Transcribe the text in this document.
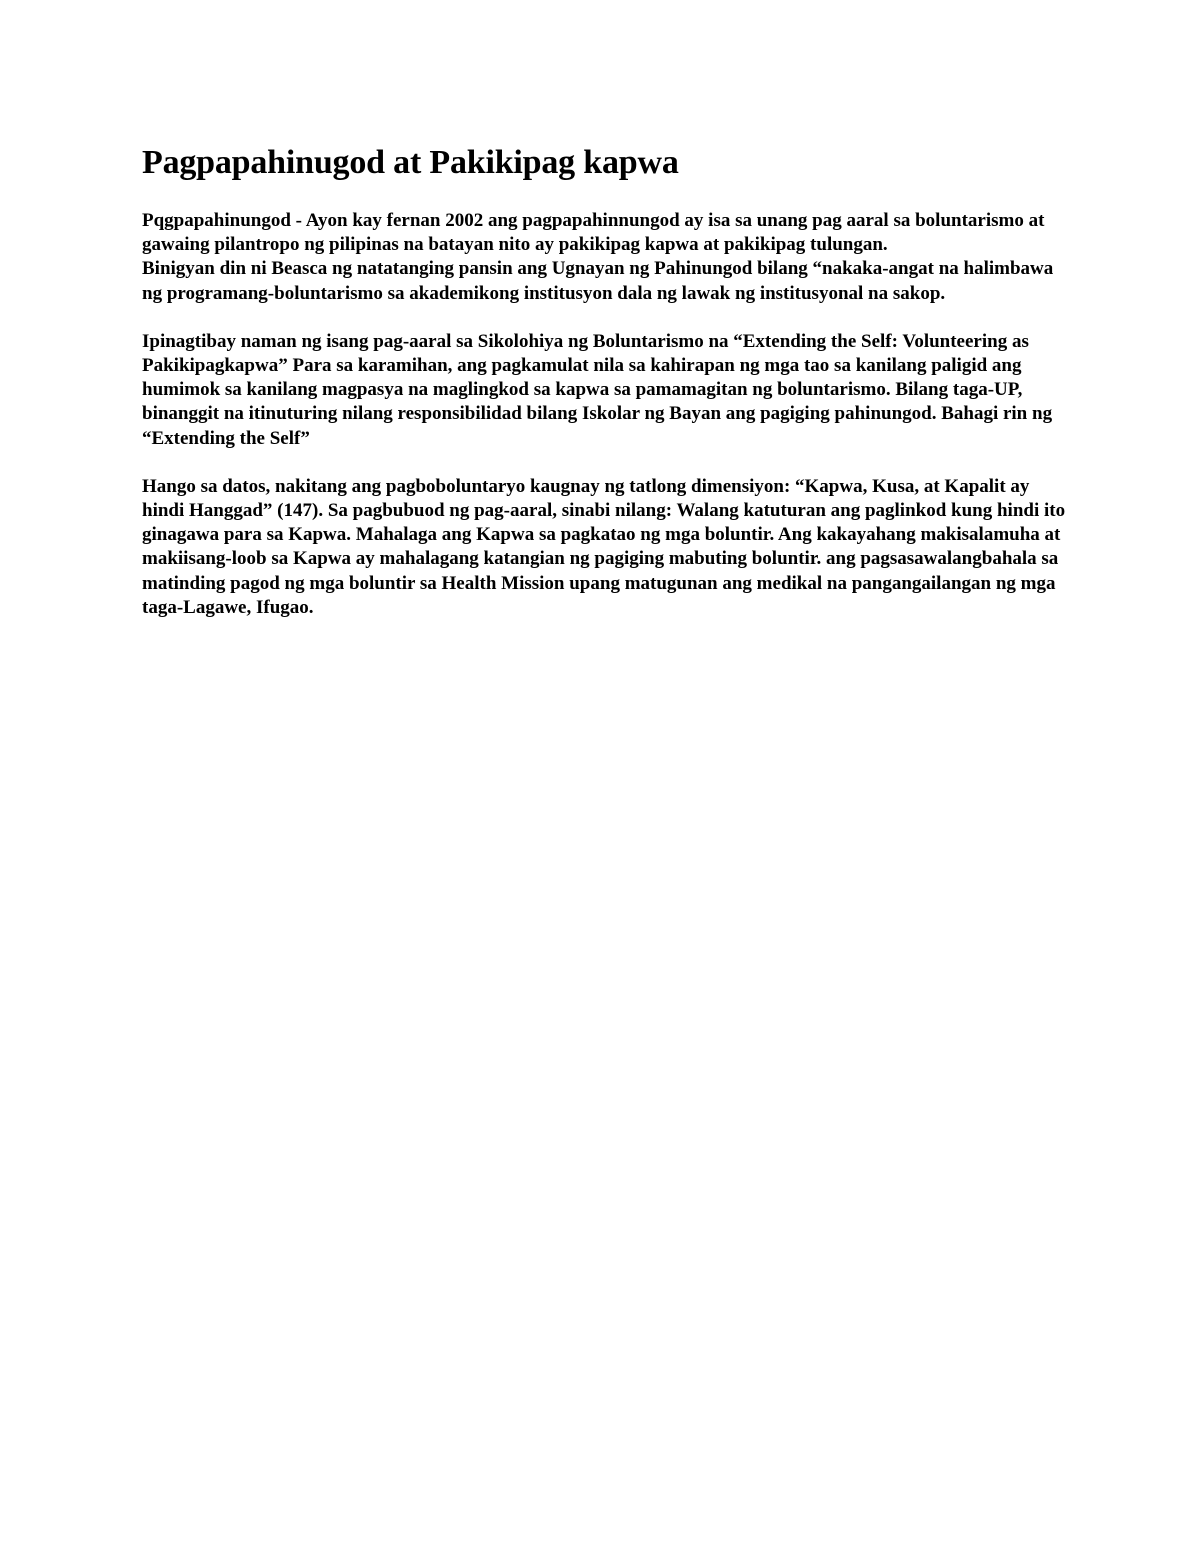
Pagpapahinugod at Pakikipag kapwa

Pqgpapahinungod - Ayon kay fernan 2002 ang pagpapahinnungod ay isa sa unang pag aaral sa boluntarismo at gawaing pilantropo ng pilipinas na batayan nito ay pakikipag kapwa at pakikipag tulungan.

Binigyan din ni Beasca ng natatanging pansin ang Ugnayan ng Pahinungod bilang “nakaka-angat na halimbawa ng programang-boluntarismo sa akademikong institusyon dala ng lawak ng institusyonal na sakop.

Ipinagtibay naman ng isang pag-aaral sa Sikolohiya ng Boluntarismo na “Extending the Self: Volunteering as Pakikipagkapwa” Para sa karamihan, ang pagkamulat nila sa kahirapan ng mga tao sa kanilang paligid ang humimok sa kanilang magpasya na maglingkod sa kapwa sa pamamagitan ng boluntarismo. Bilang taga-UP, binanggit na itinuturing nilang responsibilidad bilang Iskolar ng Bayan ang pagiging pahinungod. Bahagi rin ng “Extending the Self”

Hango sa datos, nakitang ang pagboboluntaryo kaugnay ng tatlong dimensiyon: “Kapwa, Kusa, at Kapalit ay hindi Hanggad” (147). Sa pagbubuod ng pag-aaral, sinabi nilang: Walang katuturan ang paglinkod kung hindi ito ginagawa para sa Kapwa. Mahalaga ang Kapwa sa pagkatao ng mga boluntir. Ang kakayahang makisalamuha at makiisang-loob sa Kapwa ay mahalagang katangian ng pagiging mabuting boluntir. ang pagsasawalangbahala sa matinding pagod ng mga boluntir sa Health Mission upang matugunan ang medikal na pangangailangan ng mga taga-Lagawe, Ifugao.
